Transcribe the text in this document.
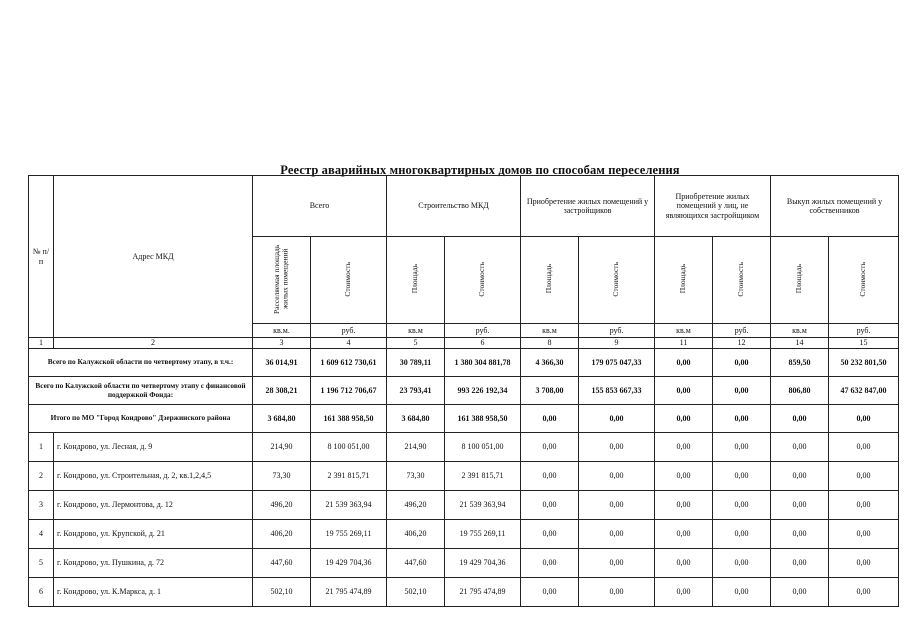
Реестр аварийных многоквартирных домов по способам переселения
№ п/п	Адрес МКД	Всего		Строительство МКД		Приобретение жилых помещений у застройщиков		Приобретение жилых помещений у лиц, не являющихся застройщиком		Выкуп жилых помещений у собственников	
		Расселяемая площадь жилых помещений	Стоимость	Площадь	Стоимость	Площадь	Стоимость	Площадь	Стоимость	Площадь	Стоимость
		кв.м.	руб.	кв.м	руб.	кв.м	руб.	кв.м	руб.	кв.м	руб.
1	2	3	4	5	6	8	9	11	12	14	15
Всего по Калужской области по четвертому этапу, в т.ч.:		36 014,91	1 609 612 730,61	30 789,11	1 380 304 881,78	4 366,30	179 075 047,33	0,00	0,00	859,50	50 232 801,50
Всего по Калужской области по четвертому этапу с финансовой поддержкой Фонда:		28 308,21	1 196 712 706,67	23 793,41	993 226 192,34	3 708,00	155 853 667,33	0,00	0,00	806,80	47 632 847,00
Итого по МО "Город Кондрово" Дзержинского района		3 684,80	161 388 958,50	3 684,80	161 388 958,50	0,00	0,00	0,00	0,00	0,00	0,00
1	г. Кондрово, ул. Лесная, д. 9	214,90	8 100 051,00	214,90	8 100 051,00	0,00	0,00	0,00	0,00	0,00	0,00
2	г. Кондрово, ул. Строительная, д. 2, кв.1,2,4,5	73,30	2 391 815,71	73,30	2 391 815,71	0,00	0,00	0,00	0,00	0,00	0,00
3	г. Кондрово, ул. Лермонтова, д. 12	496,20	21 539 363,94	496,20	21 539 363,94	0,00	0,00	0,00	0,00	0,00	0,00
4	г. Кондрово, ул. Крупской, д. 21	406,20	19 755 269,11	406,20	19 755 269,11	0,00	0,00	0,00	0,00	0,00	0,00
5	г. Кондрово, ул. Пушкина, д. 72	447,60	19 429 704,36	447,60	19 429 704,36	0,00	0,00	0,00	0,00	0,00	0,00
6	г. Кондрово, ул. К.Маркса, д. 1	502,10	21 795 474,89	502,10	21 795 474,89	0,00	0,00	0,00	0,00	0,00	0,00
